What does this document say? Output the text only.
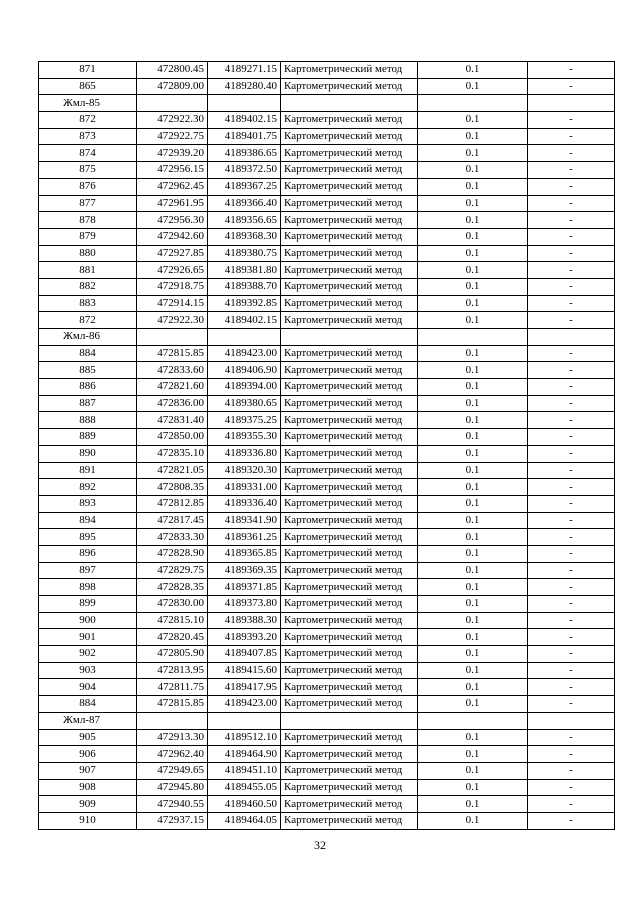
871	472800.45	4189271.15	Картометрический метод	0.1	-
865	472809.00	4189280.40	Картометрический метод	0.1	-
Жмл-85					
872	472922.30	4189402.15	Картометрический метод	0.1	-
873	472922.75	4189401.75	Картометрический метод	0.1	-
874	472939.20	4189386.65	Картометрический метод	0.1	-
875	472956.15	4189372.50	Картометрический метод	0.1	-
876	472962.45	4189367.25	Картометрический метод	0.1	-
877	472961.95	4189366.40	Картометрический метод	0.1	-
878	472956.30	4189356.65	Картометрический метод	0.1	-
879	472942.60	4189368.30	Картометрический метод	0.1	-
880	472927.85	4189380.75	Картометрический метод	0.1	-
881	472926.65	4189381.80	Картометрический метод	0.1	-
882	472918.75	4189388.70	Картометрический метод	0.1	-
883	472914.15	4189392.85	Картометрический метод	0.1	-
872	472922.30	4189402.15	Картометрический метод	0.1	-
Жмл-86					
884	472815.85	4189423.00	Картометрический метод	0.1	-
885	472833.60	4189406.90	Картометрический метод	0.1	-
886	472821.60	4189394.00	Картометрический метод	0.1	-
887	472836.00	4189380.65	Картометрический метод	0.1	-
888	472831.40	4189375.25	Картометрический метод	0.1	-
889	472850.00	4189355.30	Картометрический метод	0.1	-
890	472835.10	4189336.80	Картометрический метод	0.1	-
891	472821.05	4189320.30	Картометрический метод	0.1	-
892	472808.35	4189331.00	Картометрический метод	0.1	-
893	472812.85	4189336.40	Картометрический метод	0.1	-
894	472817.45	4189341.90	Картометрический метод	0.1	-
895	472833.30	4189361.25	Картометрический метод	0.1	-
896	472828.90	4189365.85	Картометрический метод	0.1	-
897	472829.75	4189369.35	Картометрический метод	0.1	-
898	472828.35	4189371.85	Картометрический метод	0.1	-
899	472830.00	4189373.80	Картометрический метод	0.1	-
900	472815.10	4189388.30	Картометрический метод	0.1	-
901	472820.45	4189393.20	Картометрический метод	0.1	-
902	472805.90	4189407.85	Картометрический метод	0.1	-
903	472813.95	4189415.60	Картометрический метод	0.1	-
904	472811.75	4189417.95	Картометрический метод	0.1	-
884	472815.85	4189423.00	Картометрический метод	0.1	-
Жмл-87					
905	472913.30	4189512.10	Картометрический метод	0.1	-
906	472962.40	4189464.90	Картометрический метод	0.1	-
907	472949.65	4189451.10	Картометрический метод	0.1	-
908	472945.80	4189455.05	Картометрический метод	0.1	-
909	472940.55	4189460.50	Картометрический метод	0.1	-
910	472937.15	4189464.05	Картометрический метод	0.1	-
32
